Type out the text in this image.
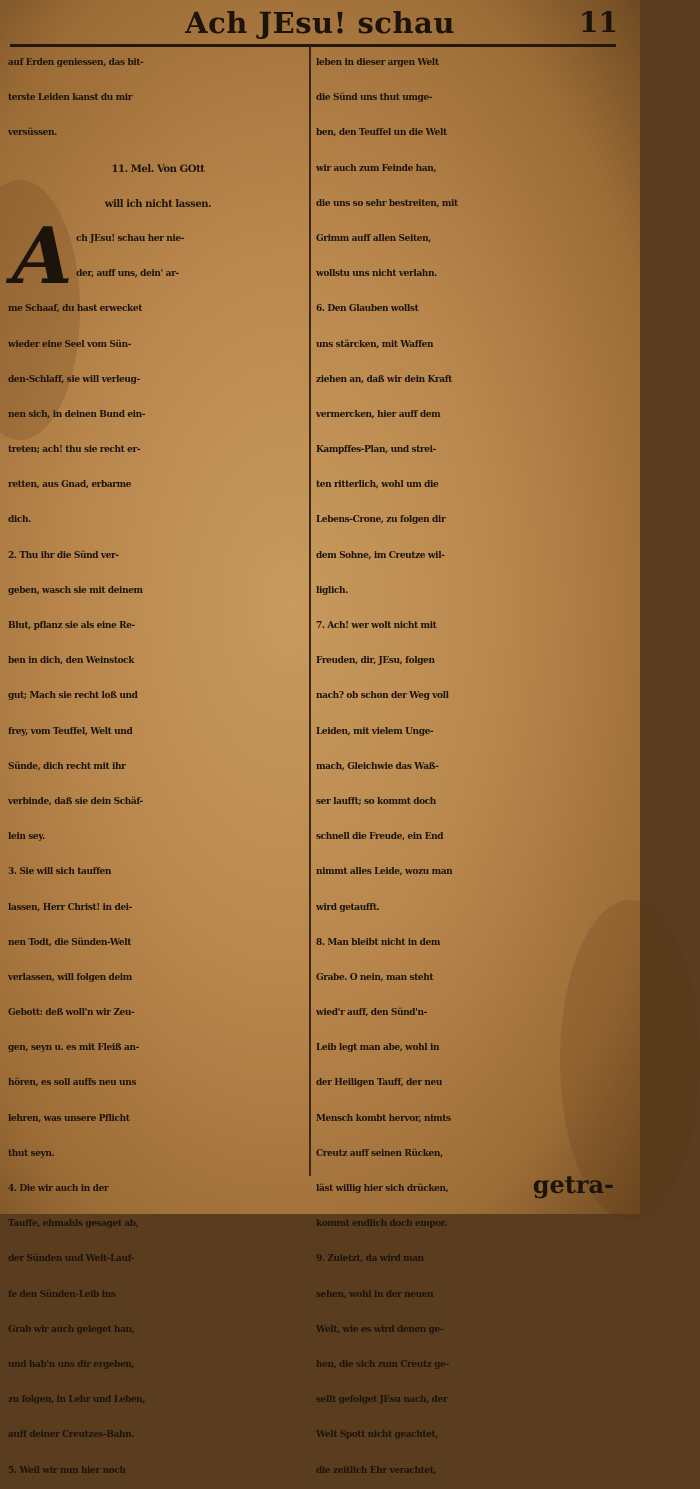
Ach JEsu! schau	11
auf Erden geniessen, das bit-
terste Leiden kanst du mir
versüssen.
11. Mel. Von GOtt
will ich nicht lassen.
Ach JEsu! schau her nie-
der, auff uns, dein' ar-
me Schaaf, du hast erwecket
wieder eine Seel vom Sün-
den-Schlaff, sie will verleug-
nen sich, in deinen Bund ein-
treten; ach! thu sie recht er-
retten, aus Gnad, erbarme
dich.
2. Thu ihr die Sünd ver-
geben, wasch sie mit deinem
Blut, pflanz sie als eine Re-
ben in dich, den Weinstock
gut; Mach sie recht loß und
frey, vom Teuffel, Welt und
Sünde, dich recht mit ihr
verbinde, daß sie dein Schäf-
lein sey.
3. Sie will sich tauffen
lassen, Herr Christ! in dei-
nen Todt, die Sünden-Welt
verlassen, will folgen deim
Gebott: deß woll'n wir Zeu-
gen, seyn u. es mit Fleiß an-
hören, es soll auffs neu uns
lehren, was unsere Pflicht
thut seyn.
4. Die wir auch in der
Tauffe, ehmahls gesaget ab,
der Sünden und Welt-Lauf-
fe den Sünden-Leib ins
Grab wir auch geleget han,
und hab'n uns dir ergeben,
zu folgen, in Lehr und Leben,
auff deiner Creutzes-Bahn.
5. Weil wir nun hier noch
leben in dieser argen Welt
die Sünd uns thut umge-
ben, den Teuffel un die Welt
wir auch zum Feinde han,
die uns so sehr bestreiten, mit
Grimm auff allen Seiten,
wollstu uns nicht verlahn.
6. Den Glauben wollst
uns stärcken, mit Waffen
ziehen an, daß wir dein Kraft
vermercken, hier auff dem
Kampffes-Plan, und strei-
ten ritterlich, wohl um die
Lebens-Crone, zu folgen dir
dem Sohne, im Creutze wil-
liglich.
7. Ach! wer wolt nicht mit
Freuden, dir, JEsu, folgen
nach? ob schon der Weg voll
Leiden, mit vielem Unge-
mach, Gleichwie das Waß-
ser laufft; so kommt doch
schnell die Freude, ein End
nimmt alles Leide, wozu man
wird getaufft.
8. Man bleibt nicht in dem
Grabe. O nein, man steht
wied'r auff, den Sünd'n-
Leib legt man abe, wohl in
der Heiligen Tauff, der neu
Mensch kombt hervor, nimts
Creutz auff seinen Rücken,
läst willig hier sich drücken,
kommt endlich doch empor.
9. Zuletzt, da wird man
sehen, wohl in der neuen
Welt, wie es wird denen ge-
hen, die sich zum Creutz ge-
sellt gefolget JEsu nach, der
Welt Spott nicht geachtet,
die zeitlich Ehr verachtet,
getra-
